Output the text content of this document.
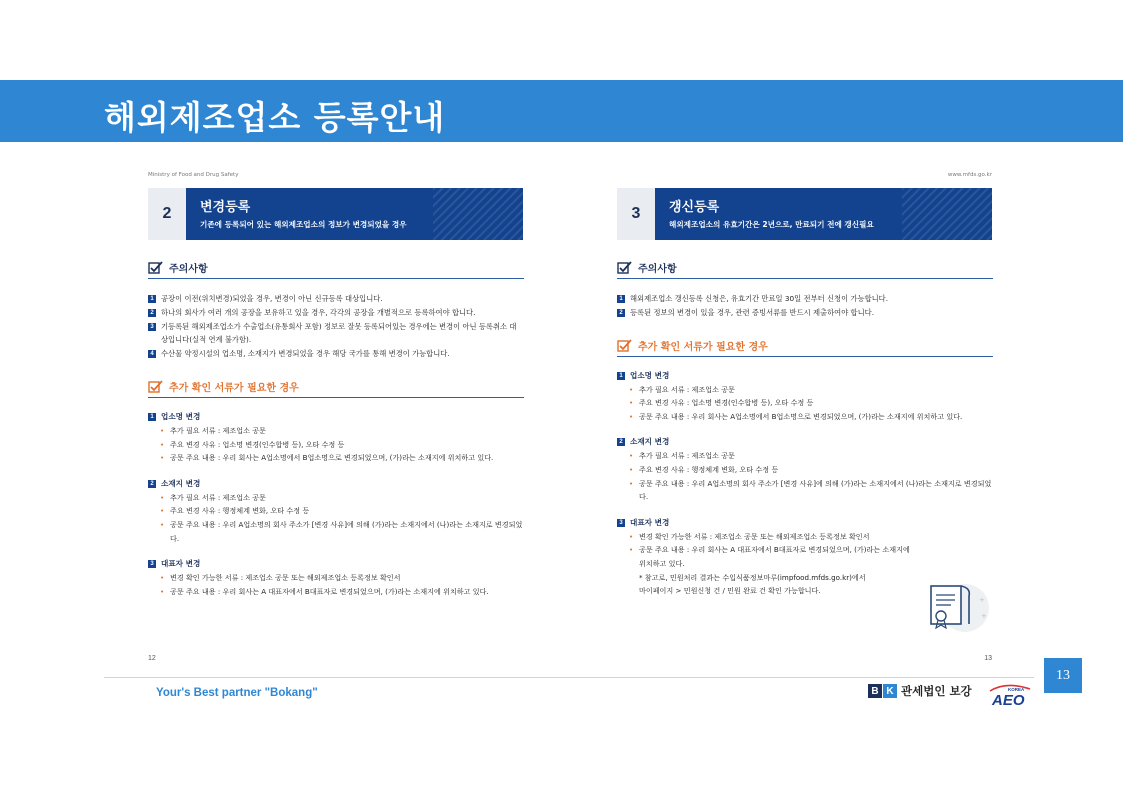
해외제조업소 등록안내
Ministry of Food and Drug Safety
2	변경등록
기존에 등록되어 있는 해외제조업소의 정보가 변경되었을 경우
주의사항
1	공장이 이전(위치변경)되었을 경우, 변경이 아닌 신규등록 대상입니다.
2	하나의 회사가 여러 개의 공장을 보유하고 있을 경우, 각각의 공장을 개별적으로 등록하여야 합니다.
3	기등록된 해외제조업소가 수출업소(유통회사 포함) 정보로 잘못 등록되어있는 경우에는 변경이 아닌 등록취소 대상입니다(실적 연계 불가함).
4	수산물 약정시설의 업소명, 소재지가 변경되었을 경우 해당 국가를 통해 변경이 가능합니다.
추가 확인 서류가 필요한 경우
1 업소명 변경
• 추가 필요 서류 : 제조업소 공문
• 주요 변경 사유 : 업소명 변경(인수합병 등), 오타 수정 등
• 공문 주요 내용 : 우리 회사는 A업소명에서 B업소명으로 변경되었으며, (가)라는 소재지에 위치하고 있다.
2 소재지 변경
• 추가 필요 서류 : 제조업소 공문
• 주요 변경 사유 : 행정체계 변화, 오타 수정 등
• 공문 주요 내용 : 우리 A업소명의 회사 주소가 [변경 사유]에 의해 (가)라는 소재지에서 (나)라는 소재지로 변경되었다.
3 대표자 변경
• 변경 확인 가능한 서류 : 제조업소 공문 또는 해외제조업소 등록정보 확인서
• 공문 주요 내용 : 우리 회사는 A 대표자에서 B대표자로 변경되었으며, (가)라는 소재지에 위치하고 있다.
12
www.mfds.go.kr
3	갱신등록
해외제조업소의 유효기간은 2년으로, 만료되기 전에 갱신필요
주의사항
1	해외제조업소 갱신등록 신청은, 유효기간 만료일 30일 전부터 신청이 가능합니다.
2	등록된 정보의 변경이 있을 경우, 관련 증빙서류를 반드시 제출하여야 합니다.
추가 확인 서류가 필요한 경우
1 업소명 변경
• 추가 필요 서류 : 제조업소 공문
• 주요 변경 사유 : 업소명 변경(인수합병 등), 오타 수정 등
• 공문 주요 내용 : 우리 회사는 A업소명에서 B업소명으로 변경되었으며, (가)라는 소재지에 위치하고 있다.
2 소재지 변경
• 추가 필요 서류 : 제조업소 공문
• 주요 변경 사유 : 행정체계 변화, 오타 수정 등
• 공문 주요 내용 : 우리 A업소명의 회사 주소가 [변경 사유]에 의해 (가)라는 소재지에서 (나)라는 소재지로 변경되었다.
3 대표자 변경
• 변경 확인 가능한 서류 : 제조업소 공문 또는 해외제조업소 등록정보 확인서
• 공문 주요 내용 : 우리 회사는 A 대표자에서 B대표자로 변경되었으며, (가)라는 소재지에 위치하고 있다.
* 참고로, 민원처리 결과는 수입식품정보마루(impfood.mfds.go.kr)에서
마이페이지 > 민원신청 건 / 민원 완료 건 확인 가능합니다.
+
+
13
13
Your's Best partner "Bokang"	B K 관세법인 보강	KOREA
AEO
